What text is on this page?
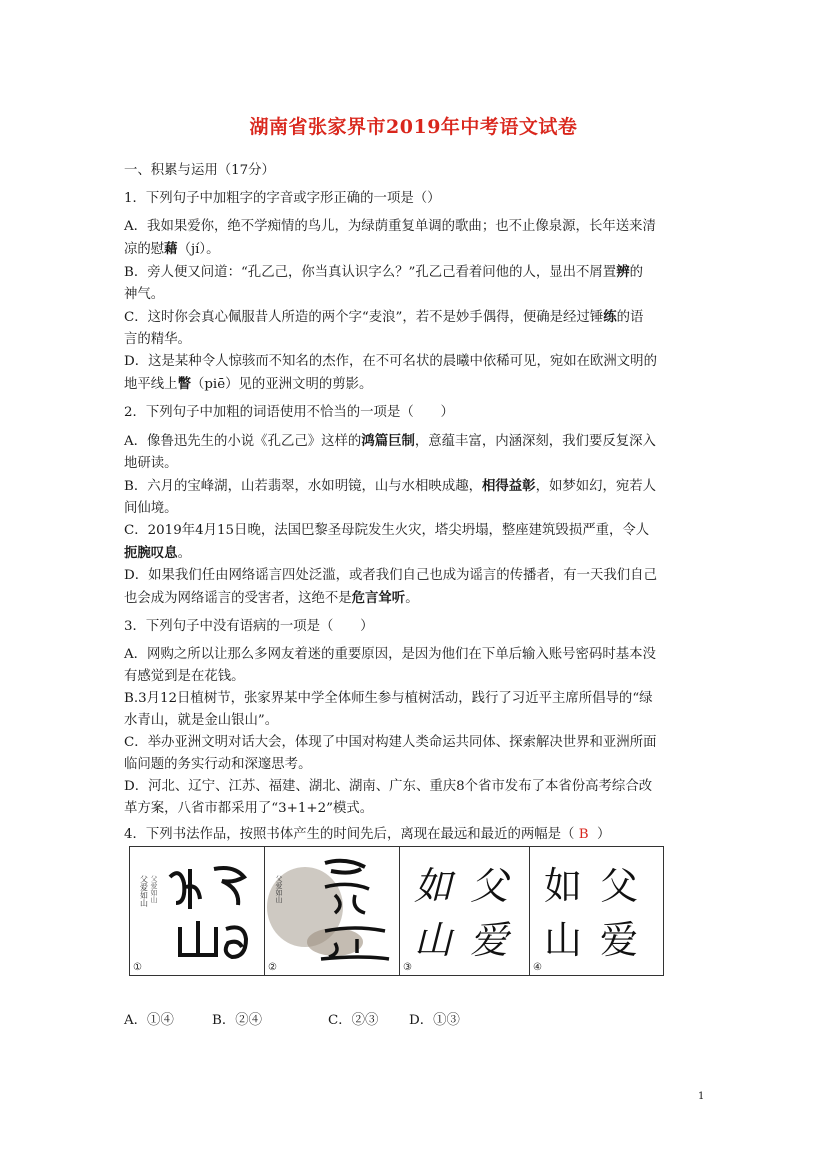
湖南省张家界市2019年中考语文试卷

一、积累与运用（17分）

1．下列句子中加粗字的字音或字形正确的一项是（）

A．我如果爱你，绝不学痴情的鸟儿，为绿荫重复单调的歌曲；也不止像泉源，长年送来清
凉的慰藉（jí）。

B．旁人便又问道：“孔乙己，你当真认识字么？”孔乙己看着问他的人，显出不屑置辨的
神气。

C．这时你会真心佩服昔人所造的两个字“麦浪”，若不是妙手偶得，便确是经过锤练的语
言的精华。

D．这是某种令人惊骇而不知名的杰作，在不可名状的晨曦中依稀可见，宛如在欧洲文明的
地平线上瞥（piē）见的亚洲文明的剪影。

2．下列句子中加粗的词语使用不恰当的一项是（　　）

A．像鲁迅先生的小说《孔乙己》这样的鸿篇巨制，意蕴丰富，内涵深刻，我们要反复深入
地研读。

B．六月的宝峰湖，山若翡翠，水如明镜，山与水相映成趣，相得益彰，如梦如幻，宛若人
间仙境。

C．2019年4月15日晚，法国巴黎圣母院发生火灾，塔尖坍塌，整座建筑毁损严重，令人
扼腕叹息。

D．如果我们任由网络谣言四处泛滥，或者我们自己也成为谣言的传播者，有一天我们自己
也会成为网络谣言的受害者，这绝不是危言耸听。

3．下列句子中没有语病的一项是（　　）

A．网购之所以让那么多网友着迷的重要原因，是因为他们在下单后输入账号密码时基本没
有感觉到是在花钱。

B.3月12日植树节，张家界某中学全体师生参与植树活动，践行了习近平主席所倡导的“绿
水青山，就是金山银山”。

C．举办亚洲文明对话大会，体现了中国对构建人类命运共同体、探索解决世界和亚洲所面
临问题的务实行动和深邃思考。

D．河北、辽宁、江苏、福建、湖北、湖南、广东、重庆8个省市发布了本省份高考综合改
革方案，八省市都采用了“3+1+2”模式。

4．下列书法作品，按照书体产生的时间先后，离现在最远和最近的两幅是（ B ）

父爱如山 父爱如山
①
父爱如山
②
如 父
山 爱
③
如 父
山 爱
④
A．①④	B．②④	C．②③ D．①③
1
